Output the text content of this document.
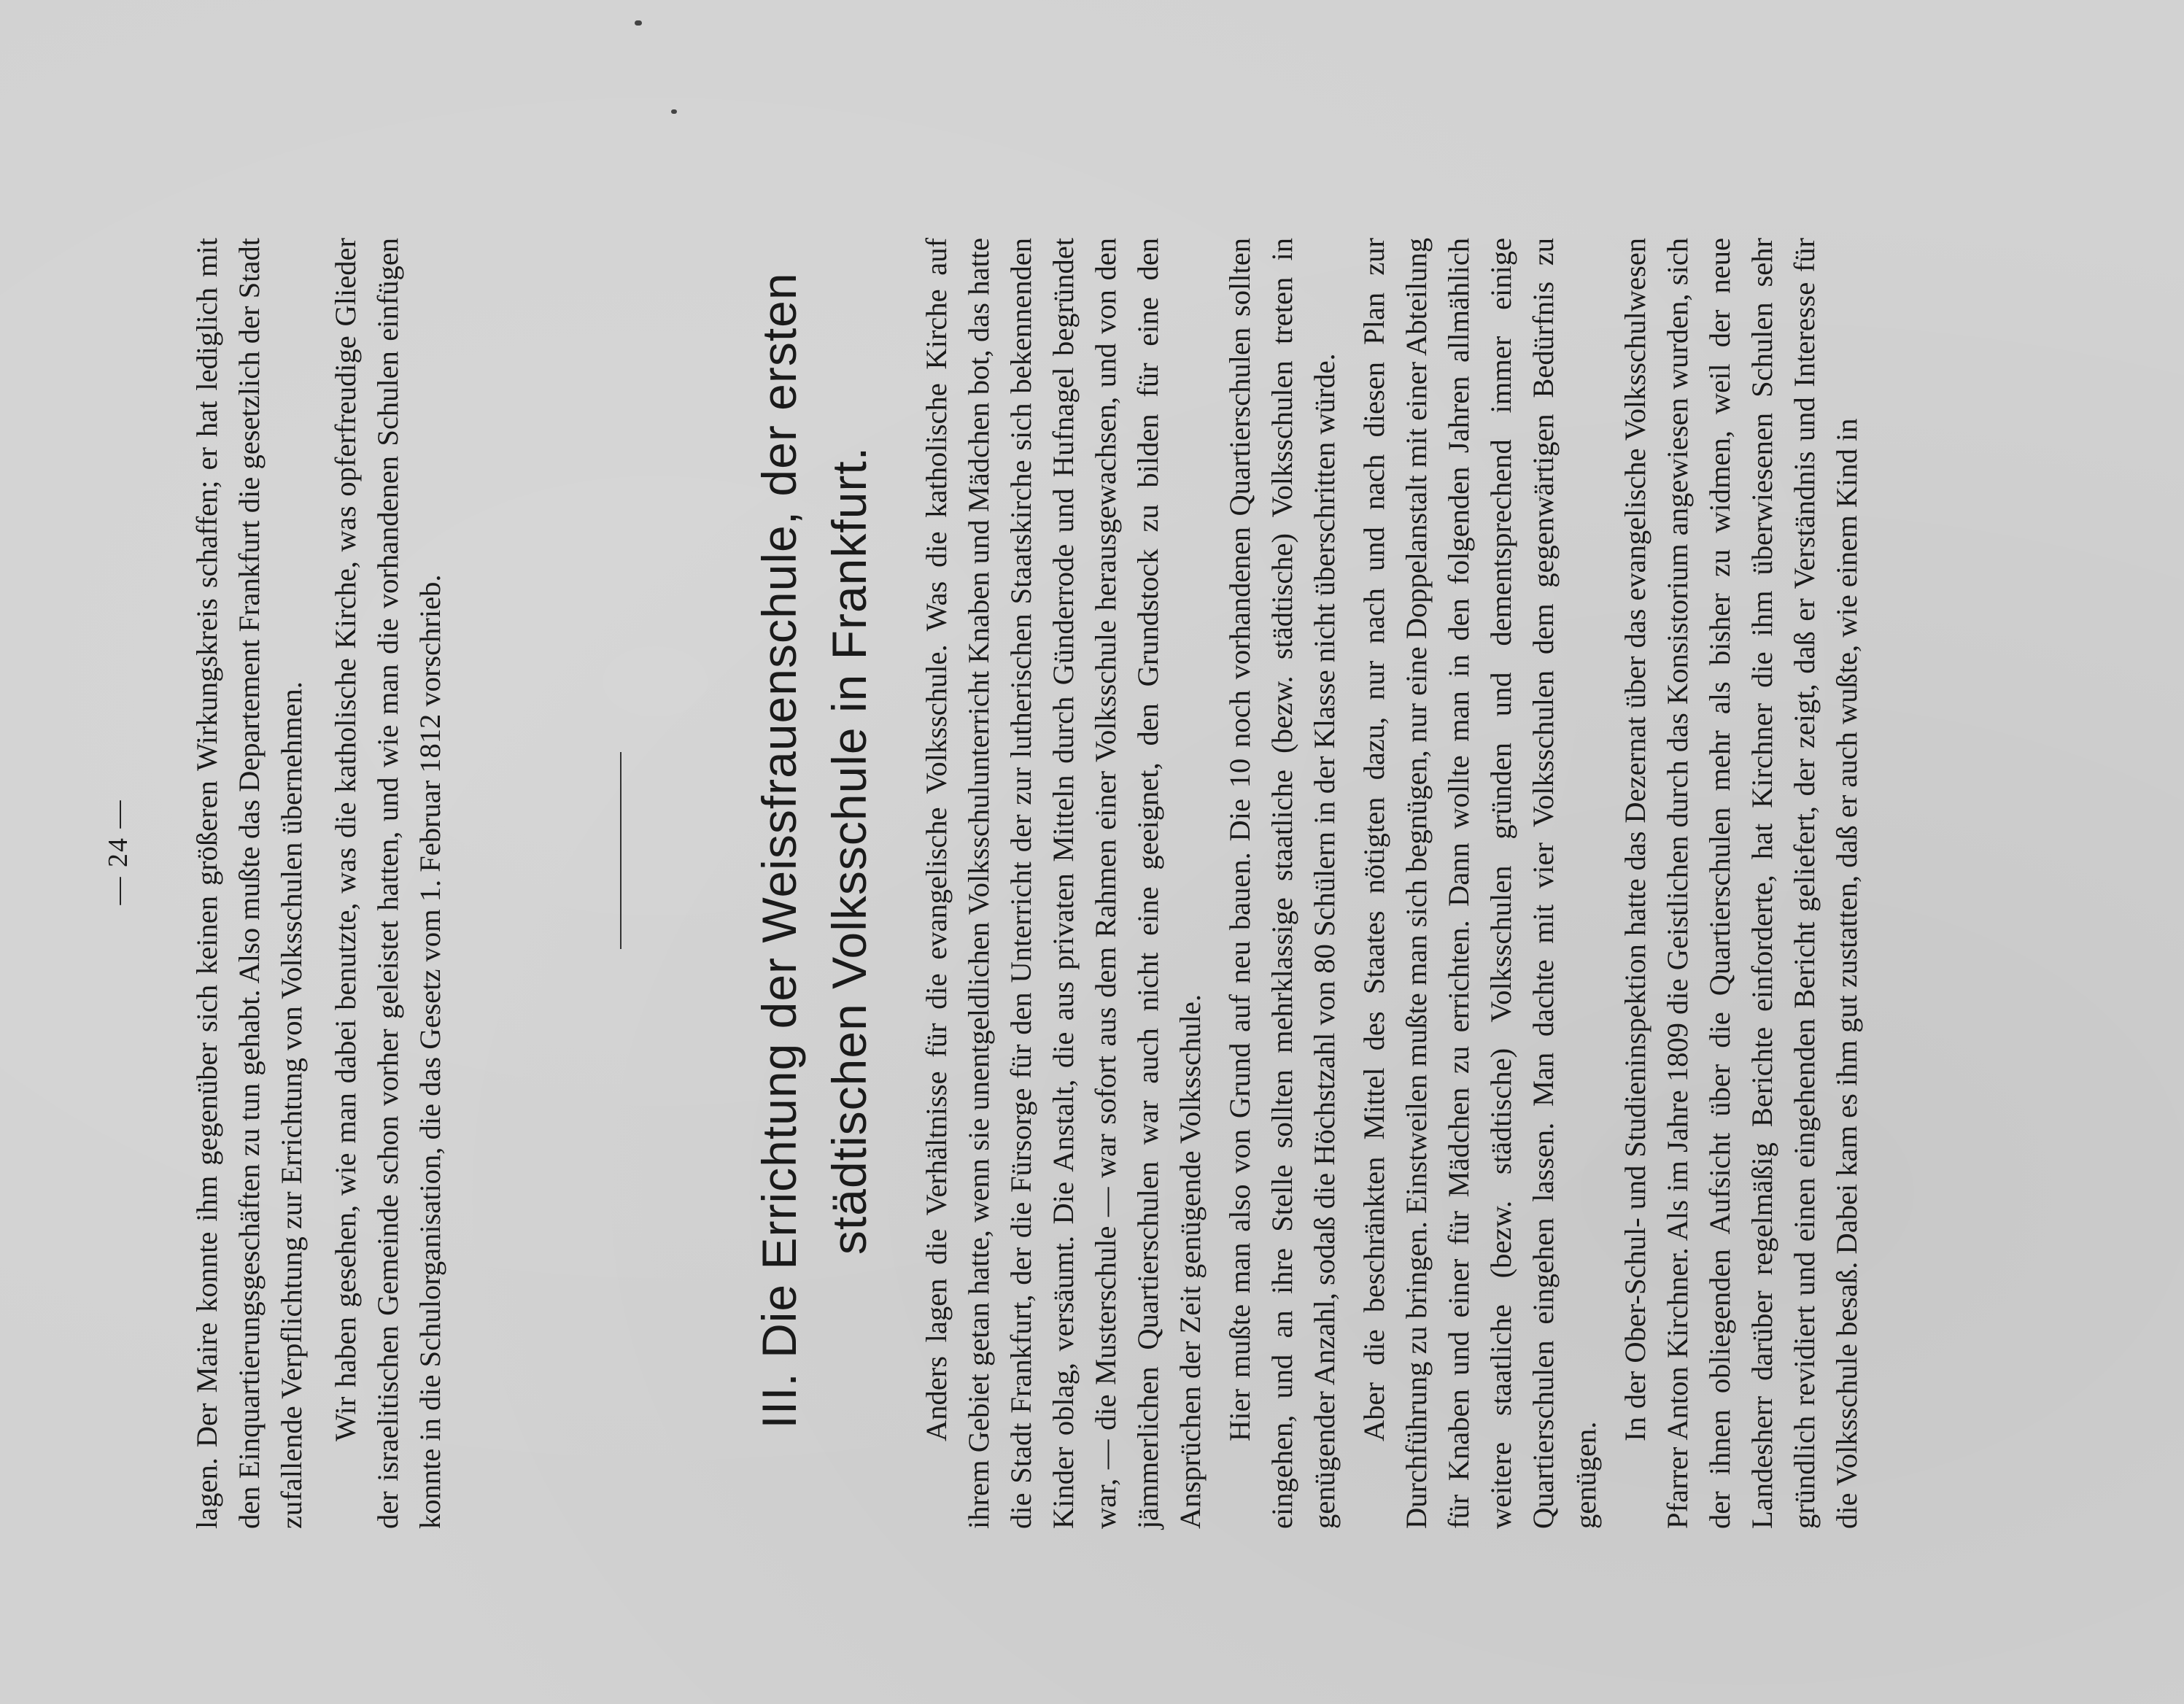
— 24 — lagen. Der Maire konnte ihm gegenüber sich keinen größeren Wirkungskreis schaffen; er hat lediglich mit den Einquartierungsgeschäften zu tun gehabt. Also mußte das Departement Frankfurt die gesetzlich der Stadt zufallende Verpflichtung zur Errichtung von Volksschulen übernehmen. Wir haben gesehen, wie man dabei benutzte, was die katholische Kirche, was opferfreudige Glieder der israelitischen Gemeinde schon vorher geleistet hatten, und wie man die vorhandenen Schulen einfügen konnte in die Schulorganisation, die das Gesetz vom 1. Februar 1812 vorschrieb.	III. Die Errichtung der Weissfrauenschule, der ersten städtischen Volksschule in Frankfurt. Anders lagen die Verhältnisse für die evangelische Volksschule. Was die katholische Kirche auf ihrem Gebiet getan hatte, wenn sie unentgeldlichen Volksschulunterricht Knaben und Mädchen bot, das hatte die Stadt Frankfurt, der die Fürsorge für den Unterricht der zur lutherischen Staatskirche sich bekennenden Kinder oblag, versäumt. Die Anstalt, die aus privaten Mitteln durch Günderrode und Hufnagel begründet war, — die Musterschule — war sofort aus dem Rahmen einer Volksschule herausgewachsen, und von den jämmerlichen Quartierschulen war auch nicht eine geeignet, den Grundstock zu bilden für eine den Ansprüchen der Zeit genügende Volksschule. Hier mußte man also von Grund auf neu bauen. Die 10 noch vorhandenen Quartierschulen sollten eingehen, und an ihre Stelle sollten mehrklassige staatliche (bezw. städtische) Volksschulen treten in genügender Anzahl, sodaß die Höchstzahl von 80 Schülern in der Klasse nicht überschritten würde. Aber die beschränkten Mittel des Staates nötigten dazu, nur nach und nach diesen Plan zur Durchführung zu bringen. Einstweilen mußte man sich begnügen, nur eine Doppelanstalt mit einer Abteilung für Knaben und einer für Mädchen zu errichten. Dann wollte man in den folgenden Jahren allmählich weitere staatliche (bezw. städtische) Volksschulen gründen und dementsprechend immer einige Quartierschulen eingehen lassen. Man dachte mit vier Volksschulen dem gegenwärtigen Bedürfnis zu genügen.

In der Ober-Schul- und Studieninspektion hatte das Dezernat über das evangelische Volksschulwesen Pfarrer Anton Kirchner. Als im Jahre 1809 die Geistlichen durch das Konsistorium angewiesen wurden, sich der ihnen obliegenden Aufsicht über die Quartierschulen mehr als bisher zu widmen, weil der neue Landesherr darüber regelmäßig Berichte einforderte, hat Kirchner die ihm überwiesenen Schulen sehr gründlich revidiert und einen eingehenden Bericht geliefert, der zeigt, daß er Verständnis und Interesse für die Volksschule besaß. Dabei kam es ihm gut zustatten, daß er auch wußte, wie einem Kind in
